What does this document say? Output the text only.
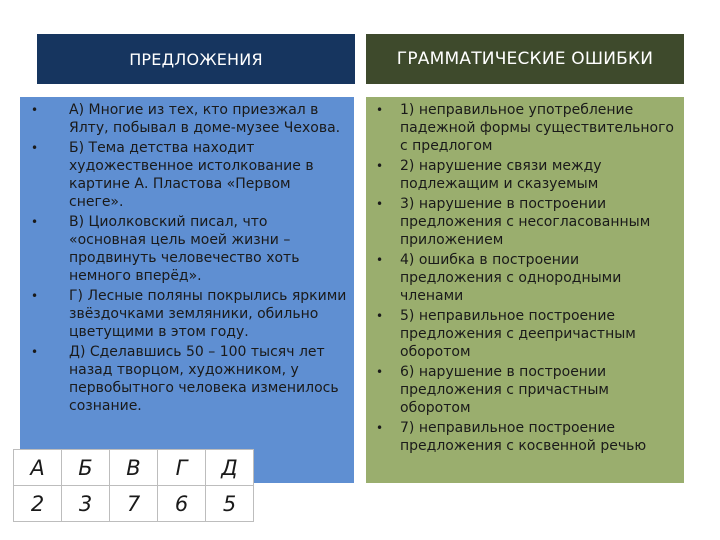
ПРЕДЛОЖЕНИЯ	ГРАММАТИЧЕСКИЕ ОШИБКИ
• А) Многие из тех, кто приезжал в Ялту, побывал в доме-музее Чехова.
• Б) Тема детства находит художественное истолкование в картине А. Пластова «Первом снеге».
• В) Циолковский писал, что «основная цель моей жизни – продвинуть человечество хоть немного вперёд».
• Г) Лесные поляны покрылись яркими звёздочками земляники, обильно цветущими в этом году.
• Д) Сделавшись 50 – 100 тысяч лет назад творцом, художником, у первобытного человека изменилось сознание.
• 1) неправильное употребление падежной формы существительного с предлогом
• 2) нарушение связи между подлежащим и сказуемым
• 3) нарушение в построении предложения с несогласованным приложением
• 4) ошибка в построении предложения с однородными членами
• 5) неправильное построение предложения с деепричастным оборотом
• 6) нарушение в построении предложения с причастным оборотом
• 7) неправильное построение предложения с косвенной речью
А	Б	В	Г	Д
2	3	7	6	5
